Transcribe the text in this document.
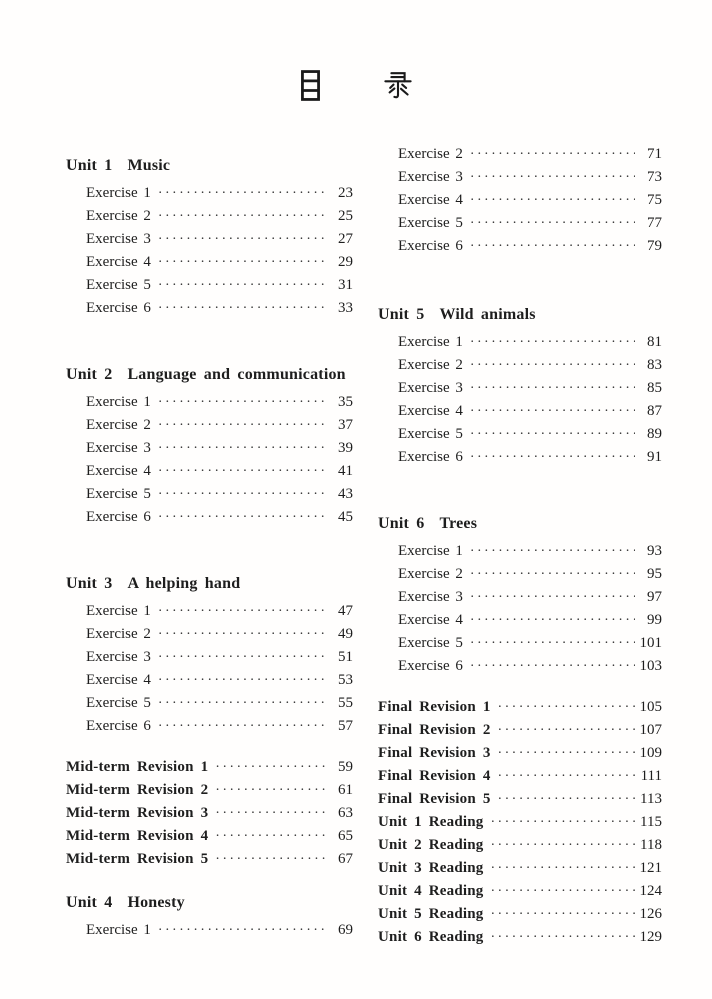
Unit 1 Music
Exercise 1 ·····	23
Exercise 2 ·····	25
Exercise 3 ·····	27
Exercise 4 ·····	29
Exercise 5 ·····	31
Exercise 6 ·····	33
Unit 2 Language and communication
Exercise 1 ·····	35
Exercise 2 ·····	37
Exercise 3 ·····	39
Exercise 4 ·····	41
Exercise 5 ·····	43
Exercise 6 ·····	45
Unit 3 A helping hand
Exercise 1 ·····	47
Exercise 2 ·····	49
Exercise 3 ·····	51
Exercise 4 ·····	53
Exercise 5 ·····	55
Exercise 6 ·····	57
Mid-term Revision 1 ·····	59
Mid-term Revision 2 ·····	61
Mid-term Revision 3 ·····	63
Mid-term Revision 4 ·····	65
Mid-term Revision 5 ·····	67
Unit 4 Honesty
Exercise 1 ·····	69
Exercise 2 ·····	71
Exercise 3 ·····	73
Exercise 4 ·····	75
Exercise 5 ·····	77
Exercise 6 ·····	79
Unit 5 Wild animals
Exercise 1 ·····	81
Exercise 2 ·····	83
Exercise 3 ·····	85
Exercise 4 ·····	87
Exercise 5 ·····	89
Exercise 6 ·····	91
Unit 6 Trees
Exercise 1 ·····	93
Exercise 2 ·····	95
Exercise 3 ·····	97
Exercise 4 ·····	99
Exercise 5 ·····	101
Exercise 6 ·····	103
Final Revision 1 ·····	105
Final Revision 2 ·····	107
Final Revision 3 ·····	109
Final Revision 4 ·····	111
Final Revision 5 ·····	113
Unit 1 Reading ·····	115
Unit 2 Reading ·····	118
Unit 3 Reading ·····	121
Unit 4 Reading ·····	124
Unit 5 Reading ·····	126
Unit 6 Reading ·····	129
